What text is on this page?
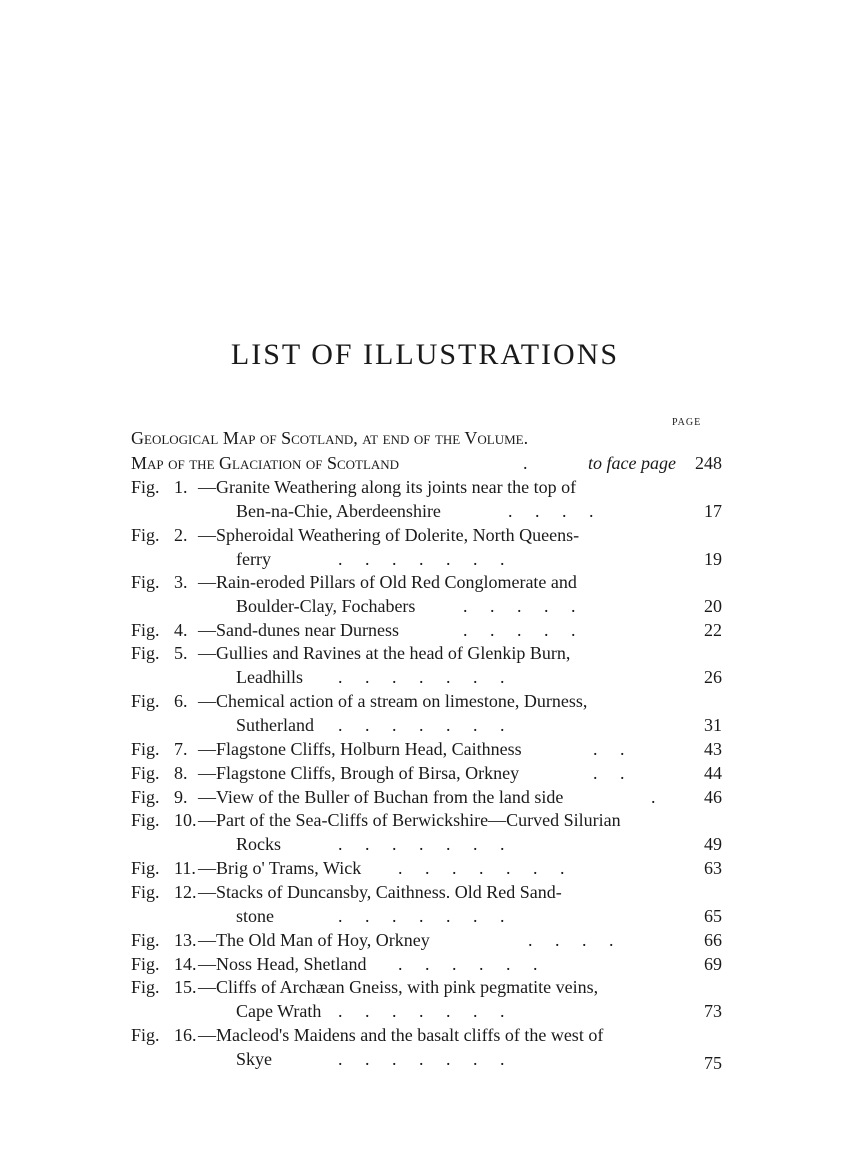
LIST OF ILLUSTRATIONS
PAGE
Geological Map of Scotland, at end of the Volume.
Map of the Glaciation of Scotland	.	to face page	248
Fig. 1. —Granite Weathering along its joints near the top of
Ben-na-Chie, Aberdeenshire	.     .     .     .	17
Fig. 2. —Spheroidal Weathering of Dolerite, North Queens-
ferry	.     .     .     .     .     .     .	19
Fig. 3. —Rain-eroded Pillars of Old Red Conglomerate and
Boulder-Clay, Fochabers	.     .     .     .     .	20
Fig. 4. —Sand-dunes near Durness	.     .     .     .     .	22
Fig. 5. —Gullies and Ravines at the head of Glenkip Burn,
Leadhills .     .     .     .     .     .     .	26
Fig. 6. —Chemical action of a stream on limestone, Durness,
Sutherland .     .     .     .     .     .     .	31
Fig. 7. —Flagstone Cliffs, Holburn Head, Caithness	.     .	43
Fig. 8. —Flagstone Cliffs, Brough of Birsa, Orkney	.     .	44
Fig. 9. —View of the Buller of Buchan from the land side	.	46
Fig. 10. —Part of the Sea-Cliffs of Berwickshire—Curved Silurian
Rocks	.     .     .     .     .     .     .	49
Fig. 11. —Brig o' Trams, Wick .     .     .     .     .     .     .	63
Fig. 12. —Stacks of Duncansby, Caithness. Old Red Sand-
stone	.     .     .     .     .     .     .	65
Fig. 13. —The Old Man of Hoy, Orkney	.     .     .     .	66
Fig. 14. —Noss Head, Shetland .     .     .     .     .     .	69
Fig. 15. —Cliffs of Archæan Gneiss, with pink pegmatite veins,
Cape Wrath .     .     .     .     .     .     .	73
Fig. 16. —Macleod's Maidens and the basalt cliffs of the west of
Skye	.     .     .     .     .     .     .	75
